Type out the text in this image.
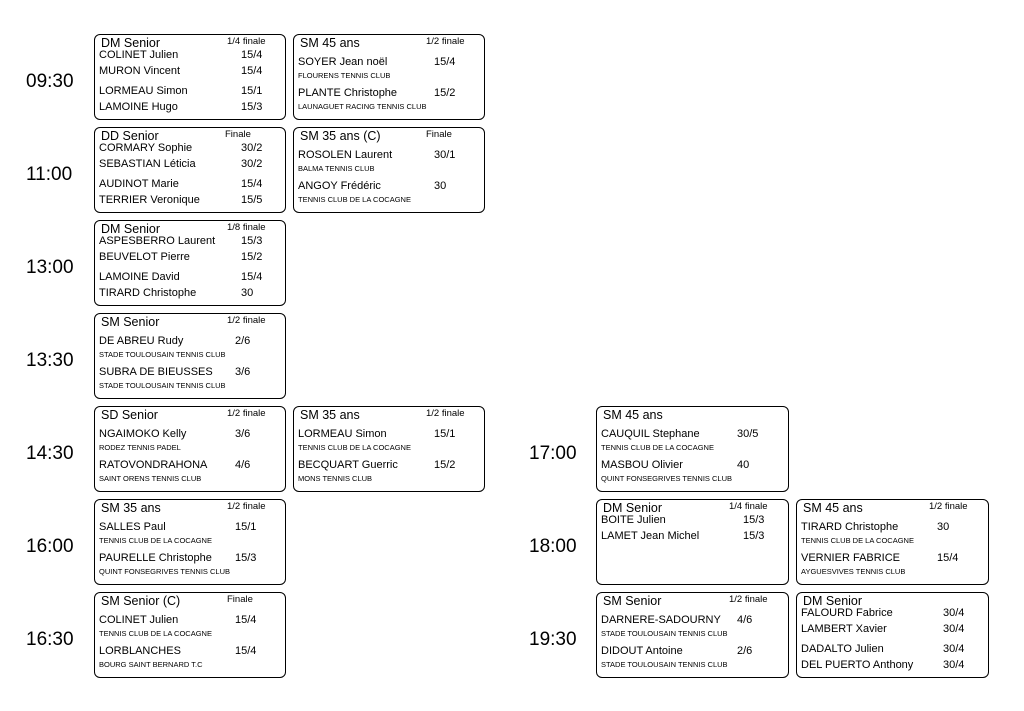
09:30
11:00
13:00
13:30
14:30
16:00
16:30
17:00
18:00
19:30
DM Senior	1/4 finale
COLINET Julien	15/4
MURON Vincent	15/4
LORMEAU Simon	15/1
LAMOINE Hugo	15/3
SM 45 ans	1/2 finale
SOYER Jean noël	15/4
FLOURENS TENNIS CLUB
PLANTE Christophe	15/2
LAUNAGUET RACING TENNIS CLUB
DD Senior	Finale
CORMARY Sophie	30/2
SEBASTIAN Léticia	30/2
AUDINOT Marie	15/4
TERRIER Veronique	15/5
SM 35 ans (C)	Finale
ROSOLEN Laurent	30/1
BALMA TENNIS CLUB
ANGOY Frédéric	30
TENNIS CLUB DE LA COCAGNE
DM Senior	1/8 finale
ASPESBERRO Laurent 15/3
BEUVELOT Pierre	15/2
LAMOINE David	15/4
TIRARD Christophe	30
SM Senior	1/2 finale
DE ABREU Rudy	2/6
STADE TOULOUSAIN TENNIS CLUB
SUBRA DE BIEUSSES 3/6
STADE TOULOUSAIN TENNIS CLUB
SD Senior	1/2 finale
NGAIMOKO Kelly	3/6
RODEZ TENNIS PADEL
RATOVONDRAHONA	4/6
SAINT ORENS TENNIS CLUB
SM 35 ans	1/2 finale
LORMEAU Simon	15/1
TENNIS CLUB DE LA COCAGNE
BECQUART Guerric	15/2
MONS TENNIS CLUB
SM 35 ans	1/2 finale
SALLES Paul	15/1
TENNIS CLUB DE LA COCAGNE
PAURELLE Christophe 15/3
QUINT FONSEGRIVES TENNIS CLUB
SM Senior (C)	Finale
COLINET Julien	15/4
TENNIS CLUB DE LA COCAGNE
LORBLANCHES	15/4
BOURG SAINT BERNARD T.C
SM 45 ans
CAUQUIL Stephane	30/5
TENNIS CLUB DE LA COCAGNE
MASBOU Olivier	40
QUINT FONSEGRIVES TENNIS CLUB
DM Senior	1/4 finale
BOITE Julien	15/3
LAMET Jean Michel	15/3
SM 45 ans	1/2 finale
TIRARD Christophe	30
TENNIS CLUB DE LA COCAGNE
VERNIER FABRICE	15/4
AYGUESVIVES TENNIS CLUB
SM Senior	1/2 finale
DARNERE-SADOURNY 4/6
STADE TOULOUSAIN TENNIS CLUB
DIDOUT Antoine	2/6
STADE TOULOUSAIN TENNIS CLUB
DM Senior
FALOURD Fabrice	30/4
LAMBERT Xavier	30/4
DADALTO Julien	30/4
DEL PUERTO Anthony	30/4
